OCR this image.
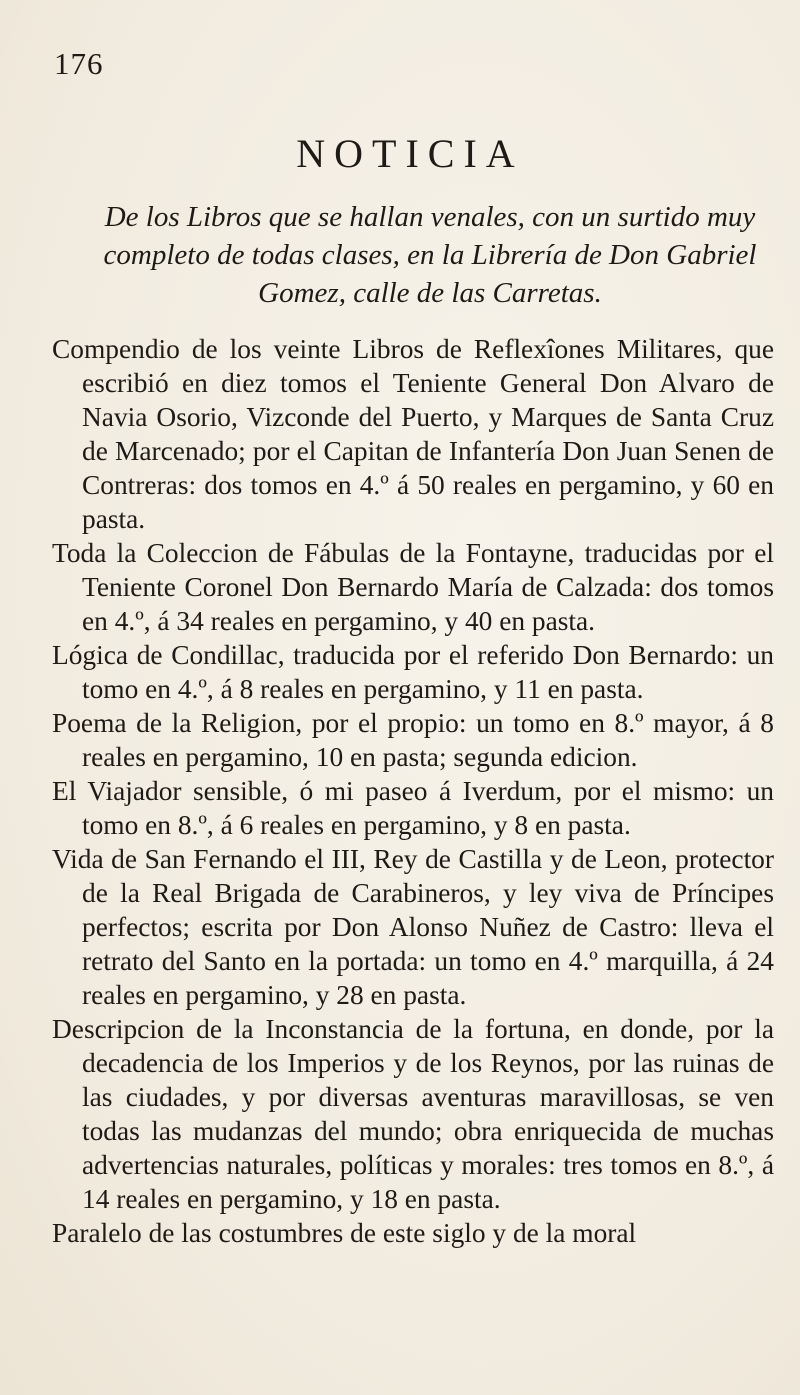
176
NOTICIA
De los Libros que se hallan venales, con un surtido muy completo de todas clases, en la Librería de Don Gabriel Gomez, calle de las Carretas.

Compendio de los veinte Libros de Reflexîones Militares, que escribió en diez tomos el Teniente General Don Alvaro de Navia Osorio, Vizconde del Puerto, y Marques de Santa Cruz de Marcenado; por el Capitan de Infantería Don Juan Senen de Contreras: dos tomos en 4.º á 50 reales en pergamino, y 60 en pasta.

Toda la Coleccion de Fábulas de la Fontayne, traducidas por el Teniente Coronel Don Bernardo María de Calzada: dos tomos en 4.º, á 34 reales en pergamino, y 40 en pasta.

Lógica de Condillac, traducida por el referido Don Bernardo: un tomo en 4.º, á 8 reales en pergamino, y 11 en pasta.

Poema de la Religion, por el propio: un tomo en 8.º mayor, á 8 reales en pergamino, 10 en pasta; segunda edicion.

El Viajador sensible, ó mi paseo á Iverdum, por el mismo: un tomo en 8.º, á 6 reales en pergamino, y 8 en pasta.

Vida de San Fernando el III, Rey de Castilla y de Leon, protector de la Real Brigada de Carabineros, y ley viva de Príncipes perfectos; escrita por Don Alonso Nuñez de Castro: lleva el retrato del Santo en la portada: un tomo en 4.º marquilla, á 24 reales en pergamino, y 28 en pasta.

Descripcion de la Inconstancia de la fortuna, en donde, por la decadencia de los Imperios y de los Reynos, por las ruinas de las ciudades, y por diversas aventuras maravillosas, se ven todas las mudanzas del mundo; obra enriquecida de muchas advertencias naturales, políticas y morales: tres tomos en 8.º, á 14 reales en pergamino, y 18 en pasta.

Paralelo de las costumbres de este siglo y de la moral
